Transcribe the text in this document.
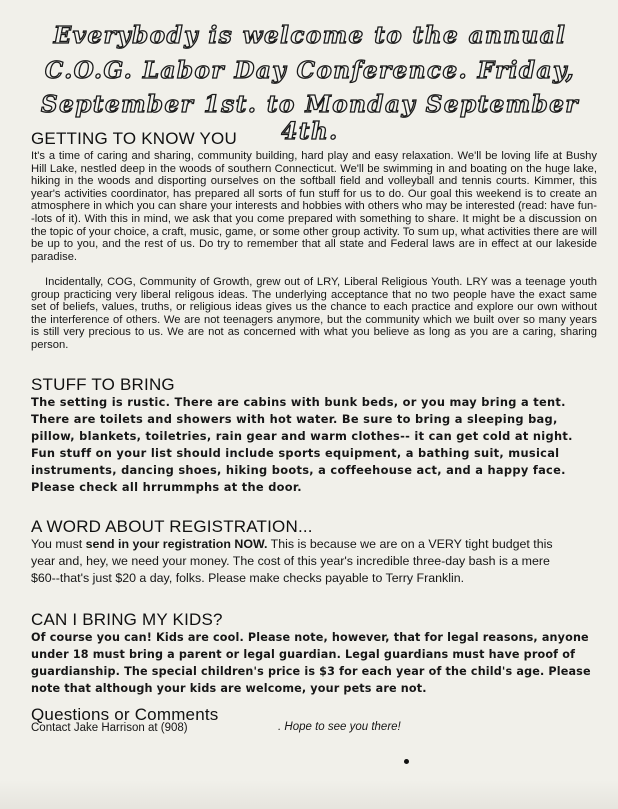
Everybody is welcome to the annual
C.O.G. Labor Day Conference. Friday,
September 1st. to Monday September 4th.
GETTING TO KNOW YOU

It's a time of caring and sharing, community building, hard play and easy relaxation. We'll be loving life at Bushy Hill Lake, nestled deep in the woods of southern Connecticut. We'll be swimming in and boating on the huge lake, hiking in the woods and disporting ourselves on the softball field and volleyball and tennis courts. Kimmer, this year's activities coordinator, has prepared all sorts of fun stuff for us to do. Our goal this weekend is to create an atmosphere in which you can share your interests and hobbies with others who may be interested (read: have fun--lots of it). With this in mind, we ask that you come prepared with something to share. It might be a discussion on the topic of your choice, a craft, music, game, or some other group activity. To sum up, what activities there are will be up to you, and the rest of us. Do try to remember that all state and Federal laws are in effect at our lakeside paradise.

Incidentally, COG, Community of Growth, grew out of LRY, Liberal Religious Youth. LRY was a teenage youth group practicing very liberal religous ideas. The underlying acceptance that no two people have the exact same set of beliefs, values, truths, or religious ideas gives us the chance to each practice and explore our own without the interference of others. We are not teenagers anymore, but the community which we built over so many years is still very precious to us. We are not as concerned with what you believe as long as you are a caring, sharing person.

STUFF TO BRING

The setting is rustic. There are cabins with bunk beds, or you may bring a tent. There are toilets and showers with hot water. Be sure to bring a sleeping bag, pillow, blankets, toiletries, rain gear and warm clothes-- it can get cold at night. Fun stuff on your list should include sports equipment, a bathing suit, musical instruments, dancing shoes, hiking boots, a coffeehouse act, and a happy face. Please check all hrrummphs at the door.

A WORD ABOUT REGISTRATION...

You must send in your registration NOW. This is because we are on a VERY tight budget this year and, hey, we need your money. The cost of this year's incredible three-day bash is a mere $60--that's just $20 a day, folks. Please make checks payable to Terry Franklin.

CAN I BRING MY KIDS?

Of course you can! Kids are cool. Please note, however, that for legal reasons, anyone under 18 must bring a parent or legal guardian. Legal guardians must have proof of guardianship. The special children's price is $3 for each year of the child's age. Please note that although your kids are welcome, your pets are not.

Questions or Comments
Contact Jake Harrison at (908)	. Hope to see you there!
